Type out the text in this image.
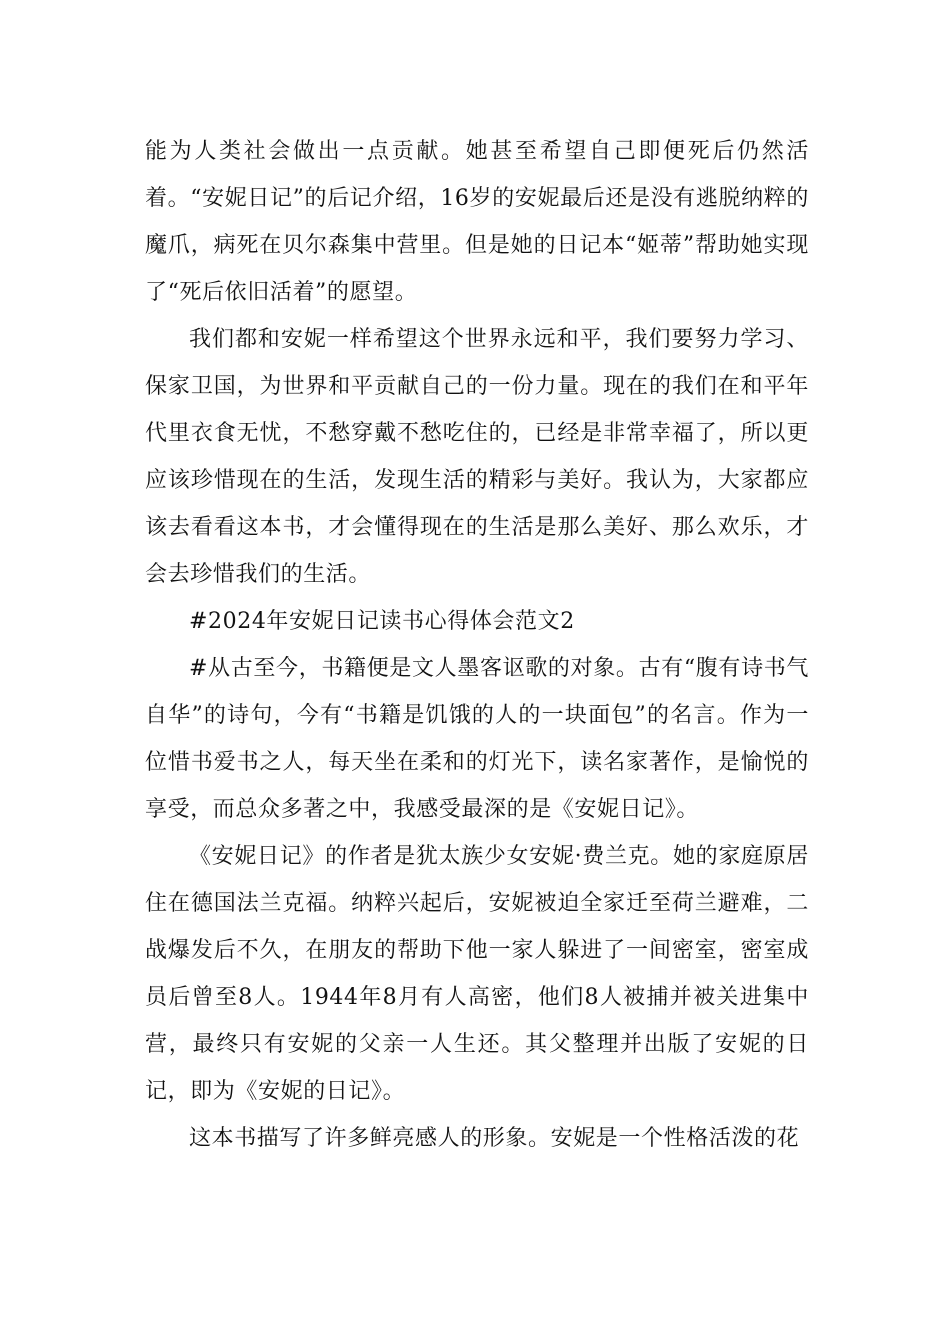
能为人类社会做出一点贡献。她甚至希望自己即便死后仍然活着。“安妮日记”的后记介绍，16岁的安妮最后还是没有逃脱纳粹的魔爪，病死在贝尔森集中营里。但是她的日记本“姬蒂”帮助她实现了“死后依旧活着”的愿望。

我们都和安妮一样希望这个世界永远和平，我们要努力学习、保家卫国，为世界和平贡献自己的一份力量。现在的我们在和平年代里衣食无忧，不愁穿戴不愁吃住的，已经是非常幸福了，所以更应该珍惜现在的生活，发现生活的精彩与美好。我认为，大家都应该去看看这本书，才会懂得现在的生活是那么美好、那么欢乐，才会去珍惜我们的生活。

#2024年安妮日记读书心得体会范文2

#从古至今，书籍便是文人墨客讴歌的对象。古有“腹有诗书气自华”的诗句，今有“书籍是饥饿的人的一块面包”的名言。作为一位惜书爱书之人，每天坐在柔和的灯光下，读名家著作，是愉悦的享受，而总众多著之中，我感受最深的是《安妮日记》。

《安妮日记》的作者是犹太族少女安妮·费兰克。她的家庭原居住在德国法兰克福。纳粹兴起后，安妮被迫全家迁至荷兰避难，二战爆发后不久，在朋友的帮助下他一家人躲进了一间密室，密室成员后曾至8人。1944年8月有人高密，他们8人被捕并被关进集中营，最终只有安妮的父亲一人生还。其父整理并出版了安妮的日记，即为《安妮的日记》。

这本书描写了许多鲜亮感人的形象。安妮是一个性格活泼的花
